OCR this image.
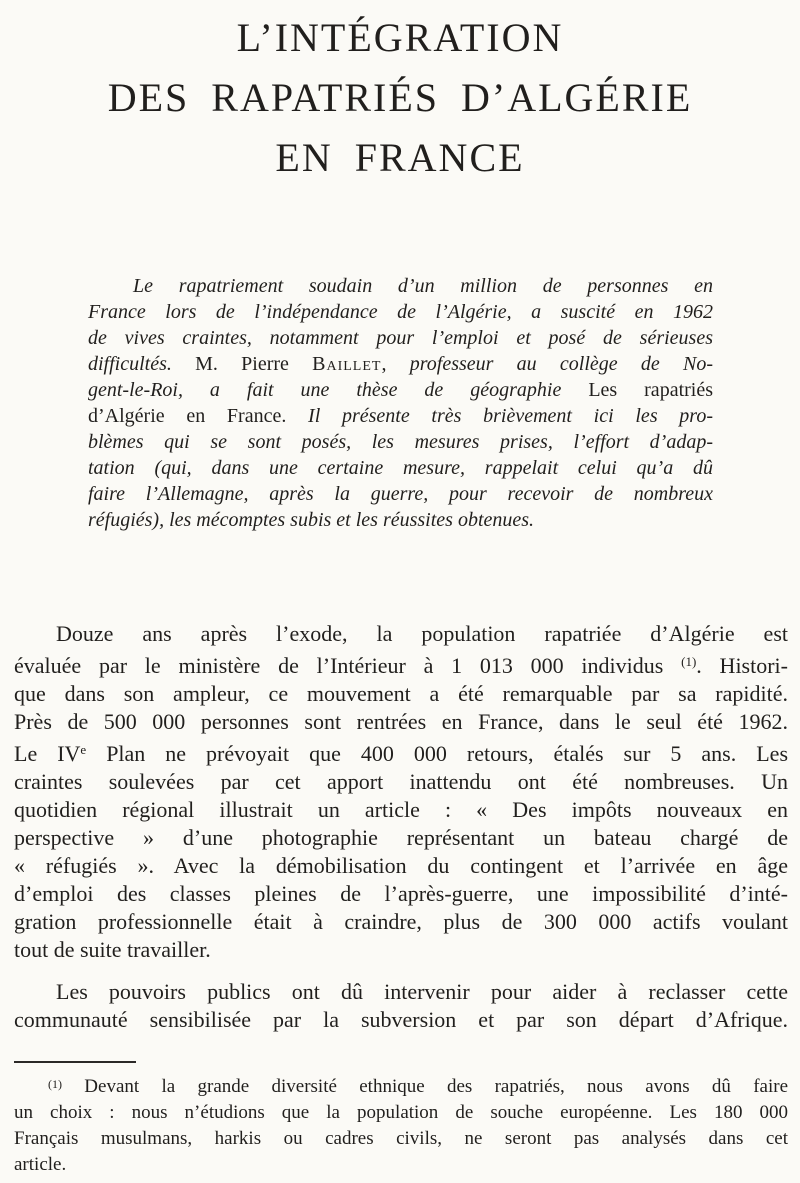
L’INTÉGRATION
DES RAPATRIÉS D’ALGÉRIE
EN FRANCE
Le rapatriement soudain d’un million de personnes en
France lors de l’indépendance de l’Algérie, a suscité en 1962
de vives craintes, notamment pour l’emploi et posé de sérieuses
difficultés. M. Pierre Baillet, professeur au collège de No-
gent-le-Roi, a fait une thèse de géographie Les rapatriés
d’Algérie en France. Il présente très brièvement ici les pro-
blèmes qui se sont posés, les mesures prises, l’effort d’adap-
tation (qui, dans une certaine mesure, rappelait celui qu’a dû
faire l’Allemagne, après la guerre, pour recevoir de nombreux
réfugiés), les mécomptes subis et les réussites obtenues.
Douze ans après l’exode, la population rapatriée d’Algérie est
évaluée par le ministère de l’Intérieur à 1 013 000 individus $^{(1)}$. Histori-
que dans son ampleur, ce mouvement a été remarquable par sa rapidité.
Près de 500 000 personnes sont rentrées en France, dans le seul été 1962.
Le IVe Plan ne prévoyait que 400 000 retours, étalés sur 5 ans. Les
craintes soulevées par cet apport inattendu ont été nombreuses. Un
quotidien régional illustrait un article : « Des impôts nouveaux en
perspective » d’une photographie représentant un bateau chargé de
« réfugiés ». Avec la démobilisation du contingent et l’arrivée en âge
d’emploi des classes pleines de l’après-guerre, une impossibilité d’inté-
gration professionnelle était à craindre, plus de 300 000 actifs voulant
tout de suite travailler.
Les pouvoirs publics ont dû intervenir pour aider à reclasser cette
communauté sensibilisée par la subversion et par son départ d’Afrique.
$^{(1)}$ Devant la grande diversité ethnique des rapatriés, nous avons dû faire
un choix : nous n’étudions que la population de souche européenne. Les 180 000
Français musulmans, harkis ou cadres civils, ne seront pas analysés dans cet
article.
